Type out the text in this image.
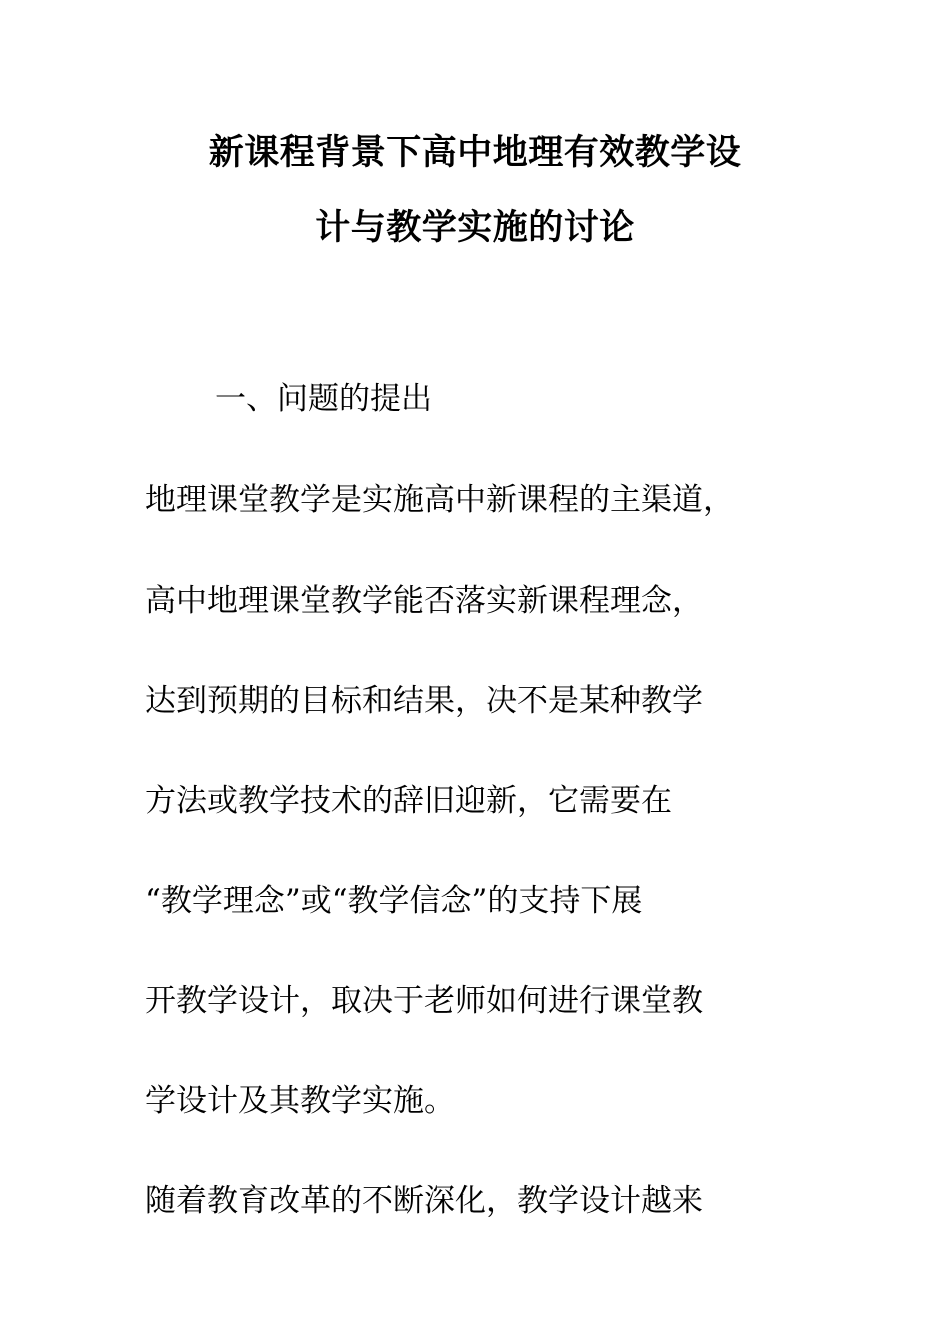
新课程背景下高中地理有效教学设
计与教学实施的讨论
一、问题的提出
地理课堂教学是实施高中新课程的主渠道，
高中地理课堂教学能否落实新课程理念，
达到预期的目标和结果，决不是某种教学
方法或教学技术的辞旧迎新，它需要在
“教学理念”或“教学信念”的支持下展
开教学设计，取决于老师如何进行课堂教
学设计及其教学实施。
随着教育改革的不断深化，教学设计越来
